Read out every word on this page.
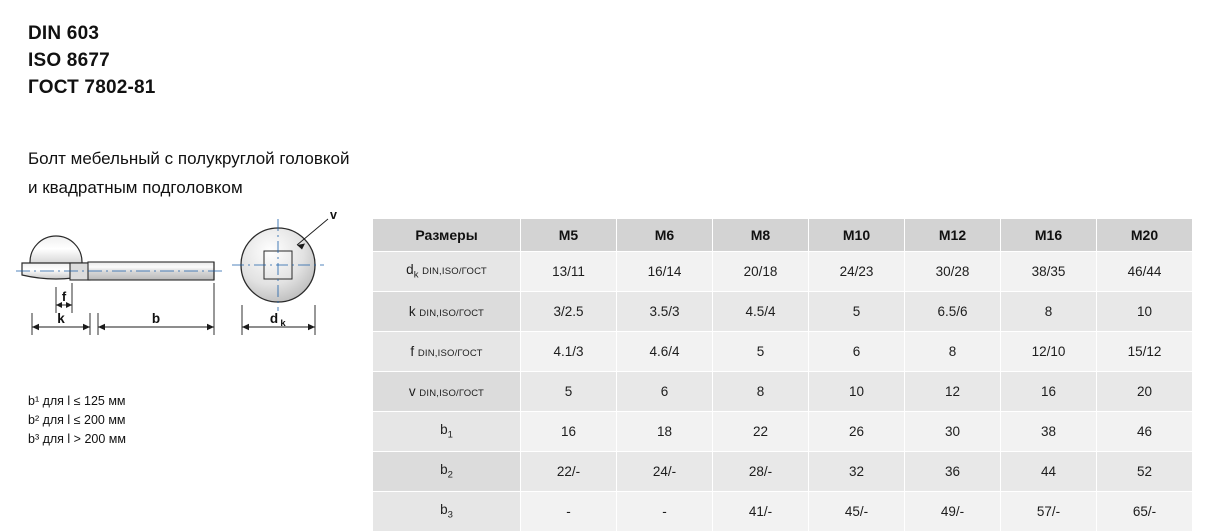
DIN 603
ISO 8677
ГОСТ 7802-81
Болт мебельный с полукруглой головкой
и квадратным подголовком
f
k	b
v
d k
b¹ для l ≤ 125 мм
b² для l ≤ 200 мм
b³ для l > 200 мм
Размеры	M5	M6	M8	M10	M12	M16	M20
$d_k$ DIN,ISO/ГОСТ	13/11	16/14	20/18	24/23	30/28	38/35	46/44
k DIN,ISO/ГОСТ	3/2.5	3.5/3	4.5/4	5	6.5/6	8	10
f DIN,ISO/ГОСТ	4.1/3	4.6/4	5	6	8	12/10	15/12
v DIN,ISO/ГОСТ	5	6	8	10	12	16	20
$b_1$	16	18	22	26	30	38	46
$b_2$	22/-	24/-	28/-	32	36	44	52
$b_3$	-	-	41/-	45/-	49/-	57/-	65/-
